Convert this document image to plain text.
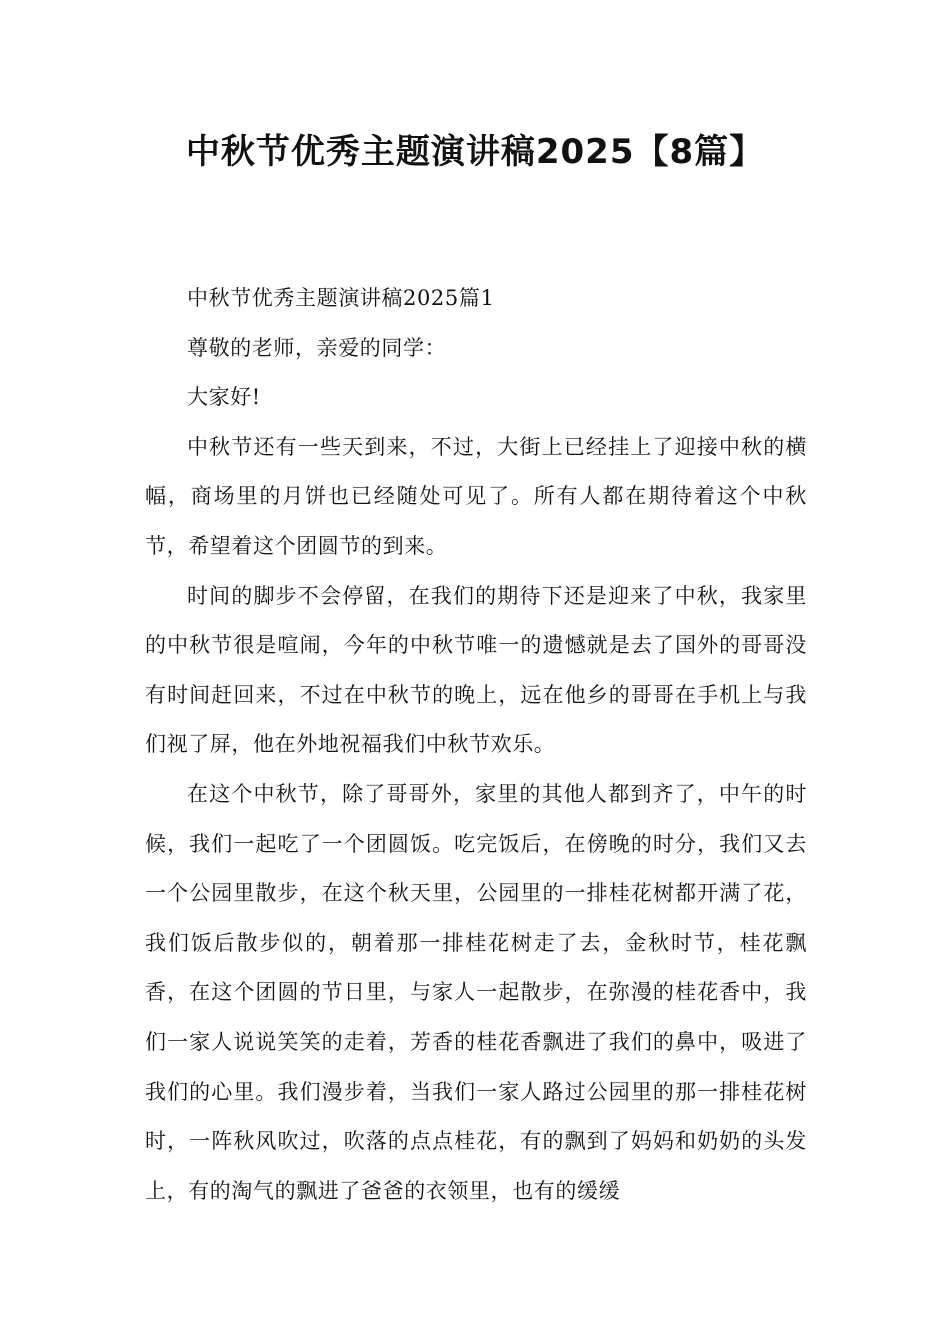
中秋节优秀主题演讲稿2025【8篇】

中秋节优秀主题演讲稿2025篇1

尊敬的老师，亲爱的同学：

大家好!

中秋节还有一些天到来，不过，大街上已经挂上了迎接中秋的横幅，商场里的月饼也已经随处可见了。所有人都在期待着这个中秋节，希望着这个团圆节的到来。

时间的脚步不会停留，在我们的期待下还是迎来了中秋，我家里的中秋节很是喧闹，今年的中秋节唯一的遗憾就是去了国外的哥哥没有时间赶回来，不过在中秋节的晚上，远在他乡的哥哥在手机上与我们视了屏，他在外地祝福我们中秋节欢乐。

在这个中秋节，除了哥哥外，家里的其他人都到齐了，中午的时候，我们一起吃了一个团圆饭。吃完饭后，在傍晚的时分，我们又去一个公园里散步，在这个秋天里，公园里的一排桂花树都开满了花，我们饭后散步似的，朝着那一排桂花树走了去，金秋时节，桂花飘香，在这个团圆的节日里，与家人一起散步，在弥漫的桂花香中，我们一家人说说笑笑的走着，芳香的桂花香飘进了我们的鼻中，吸进了我们的心里。我们漫步着，当我们一家人路过公园里的那一排桂花树时，一阵秋风吹过，吹落的点点桂花，有的飘到了妈妈和奶奶的头发上，有的淘气的飘进了爸爸的衣领里，也有的缓缓
